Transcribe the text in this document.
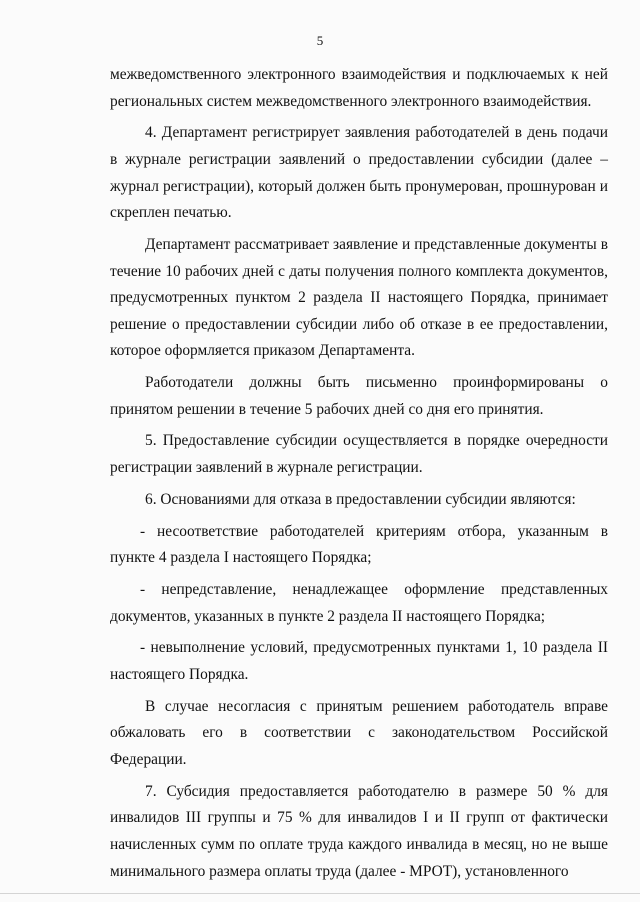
5

межведомственного электронного взаимодействия и подключаемых к ней региональных систем межведомственного электронного взаимодействия.

4. Департамент регистрирует заявления работодателей в день подачи в журнале регистрации заявлений о предоставлении субсидии (далее – журнал регистрации), который должен быть пронумерован, прошнурован и скреплен печатью.

Департамент рассматривает заявление и представленные документы в течение 10 рабочих дней с даты получения полного комплекта документов, предусмотренных пунктом 2 раздела II настоящего Порядка, принимает решение о предоставлении субсидии либо об отказе в ее предоставлении, которое оформляется приказом Департамента.

Работодатели должны быть письменно проинформированы о принятом решении в течение 5 рабочих дней со дня его принятия.

5. Предоставление субсидии осуществляется в порядке очередности регистрации заявлений в журнале регистрации.

6. Основаниями для отказа в предоставлении субсидии являются:

- несоответствие работодателей критериям отбора, указанным в пункте 4 раздела I настоящего Порядка;

- непредставление, ненадлежащее оформление представленных документов, указанных в пункте 2 раздела II настоящего Порядка;

- невыполнение условий, предусмотренных пунктами 1, 10 раздела II настоящего Порядка.

В случае несогласия с принятым решением работодатель вправе обжаловать его в соответствии с законодательством Российской Федерации.

7. Субсидия предоставляется работодателю в размере 50 % для инвалидов III группы и 75 % для инвалидов I и II групп от фактически начисленных сумм по оплате труда каждого инвалида в месяц, но не выше минимального размера оплаты труда (далее - МРОТ), установленного
